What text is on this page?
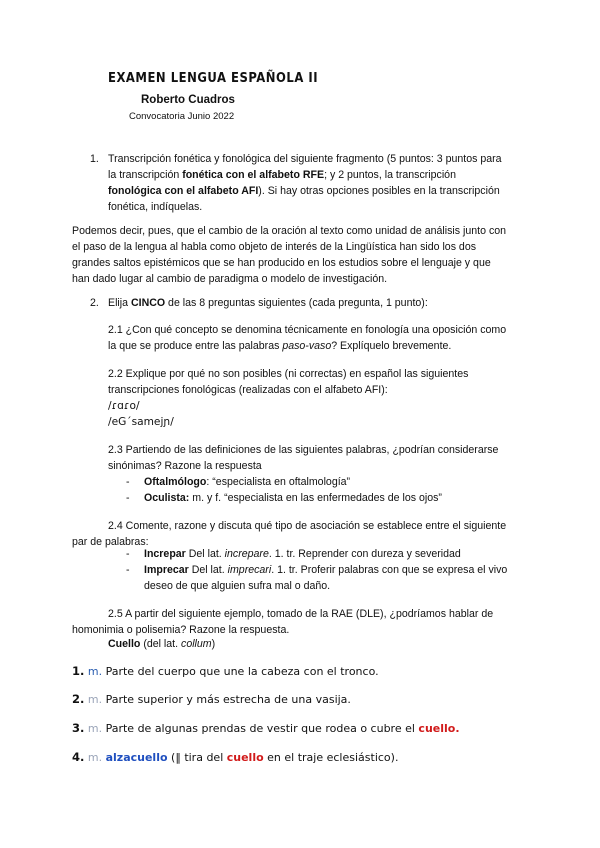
EXAMEN LENGUA ESPAÑOLA II
Roberto Cuadros
Convocatoria Junio 2022
1. Transcripción fonética y fonológica del siguiente fragmento (5 puntos: 3 puntos para

la transcripción fonética con el alfabeto RFE; y 2 puntos, la transcripción

fonológica con el alfabeto AFI). Si hay otras opciones posibles en la transcripción

fonética, indíquelas.

Podemos decir, pues, que el cambio de la oración al texto como unidad de análisis junto con

el paso de la lengua al habla como objeto de interés de la Lingüística han sido los dos

grandes saltos epistémicos que se han producido en los estudios sobre el lenguaje y que

han dado lugar al cambio de paradigma o modelo de investigación.

2. Elija CINCO de las 8 preguntas siguientes (cada pregunta, 1 punto):

2.1 ¿Con qué concepto se denomina técnicamente en fonología una oposición como

la que se produce entre las palabras paso-vaso? Explíquelo brevemente.

2.2 Explique por qué no son posibles (ni correctas) en español las siguientes

transcripciones fonológicas (realizadas con el alfabeto AFI):

/ɾɑɾo/

/eG´samejɲ/

2.3 Partiendo de las definiciones de las siguientes palabras, ¿podrían considerarse

sinónimas? Razone la respuesta

- Oftalmólogo: “especialista en oftalmología”

- Oculista: m. y f. “especialista en las enfermedades de los ojos”

2.4 Comente, razone y discuta qué tipo de asociación se establece entre el siguiente

par de palabras:

- Increpar Del lat. increpare. 1. tr. Reprender con dureza y severidad

- Imprecar Del lat. imprecari. 1. tr. Proferir palabras con que se expresa el vivo

deseo de que alguien sufra mal o daño.

2.5 A partir del siguiente ejemplo, tomado de la RAE (DLE), ¿podríamos hablar de

homonimia o polisemia? Razone la respuesta.

Cuello (del lat. collum)
1. m. Parte del cuerpo que une la cabeza con el tronco.
2. m. Parte superior y más estrecha de una vasija.
3. m. Parte de algunas prendas de vestir que rodea o cubre el cuello.
4. m. alzacuello (‖ tira del cuello en el traje eclesiástico).
